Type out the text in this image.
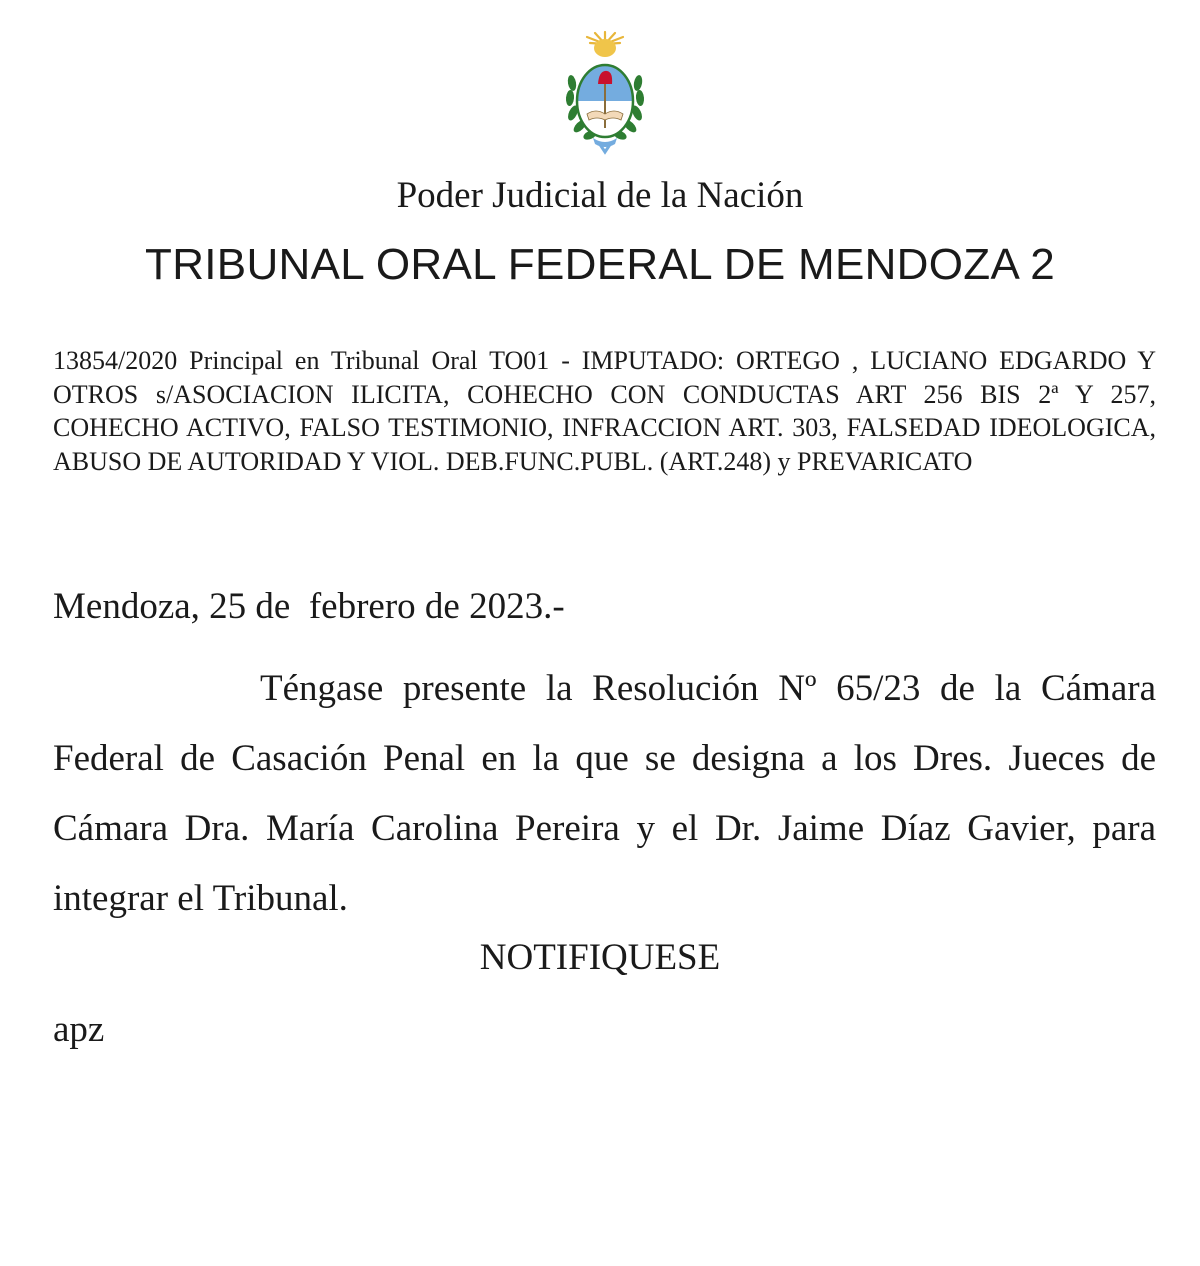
Poder Judicial de la Nación
TRIBUNAL ORAL FEDERAL DE MENDOZA 2
13854/2020 Principal en Tribunal Oral TO01 - IMPUTADO: ORTEGO , LUCIANO EDGARDO Y OTROS s/ASOCIACION ILICITA, COHECHO CON CONDUCTAS ART 256 BIS 2ª Y 257, COHECHO ACTIVO, FALSO TESTIMONIO, INFRACCION ART. 303, FALSEDAD IDEOLOGICA, ABUSO DE AUTORIDAD Y VIOL. DEB.FUNC.PUBL. (ART.248) y PREVARICATO
Mendoza, 25 de  febrero de 2023.-
Téngase presente la Resolución Nº 65/23 de la Cámara Federal de Casación Penal en la que se designa a los Dres. Jueces de Cámara Dra. María Carolina Pereira y el Dr. Jaime Díaz Gavier, para integrar el Tribunal.
NOTIFIQUESE
apz
